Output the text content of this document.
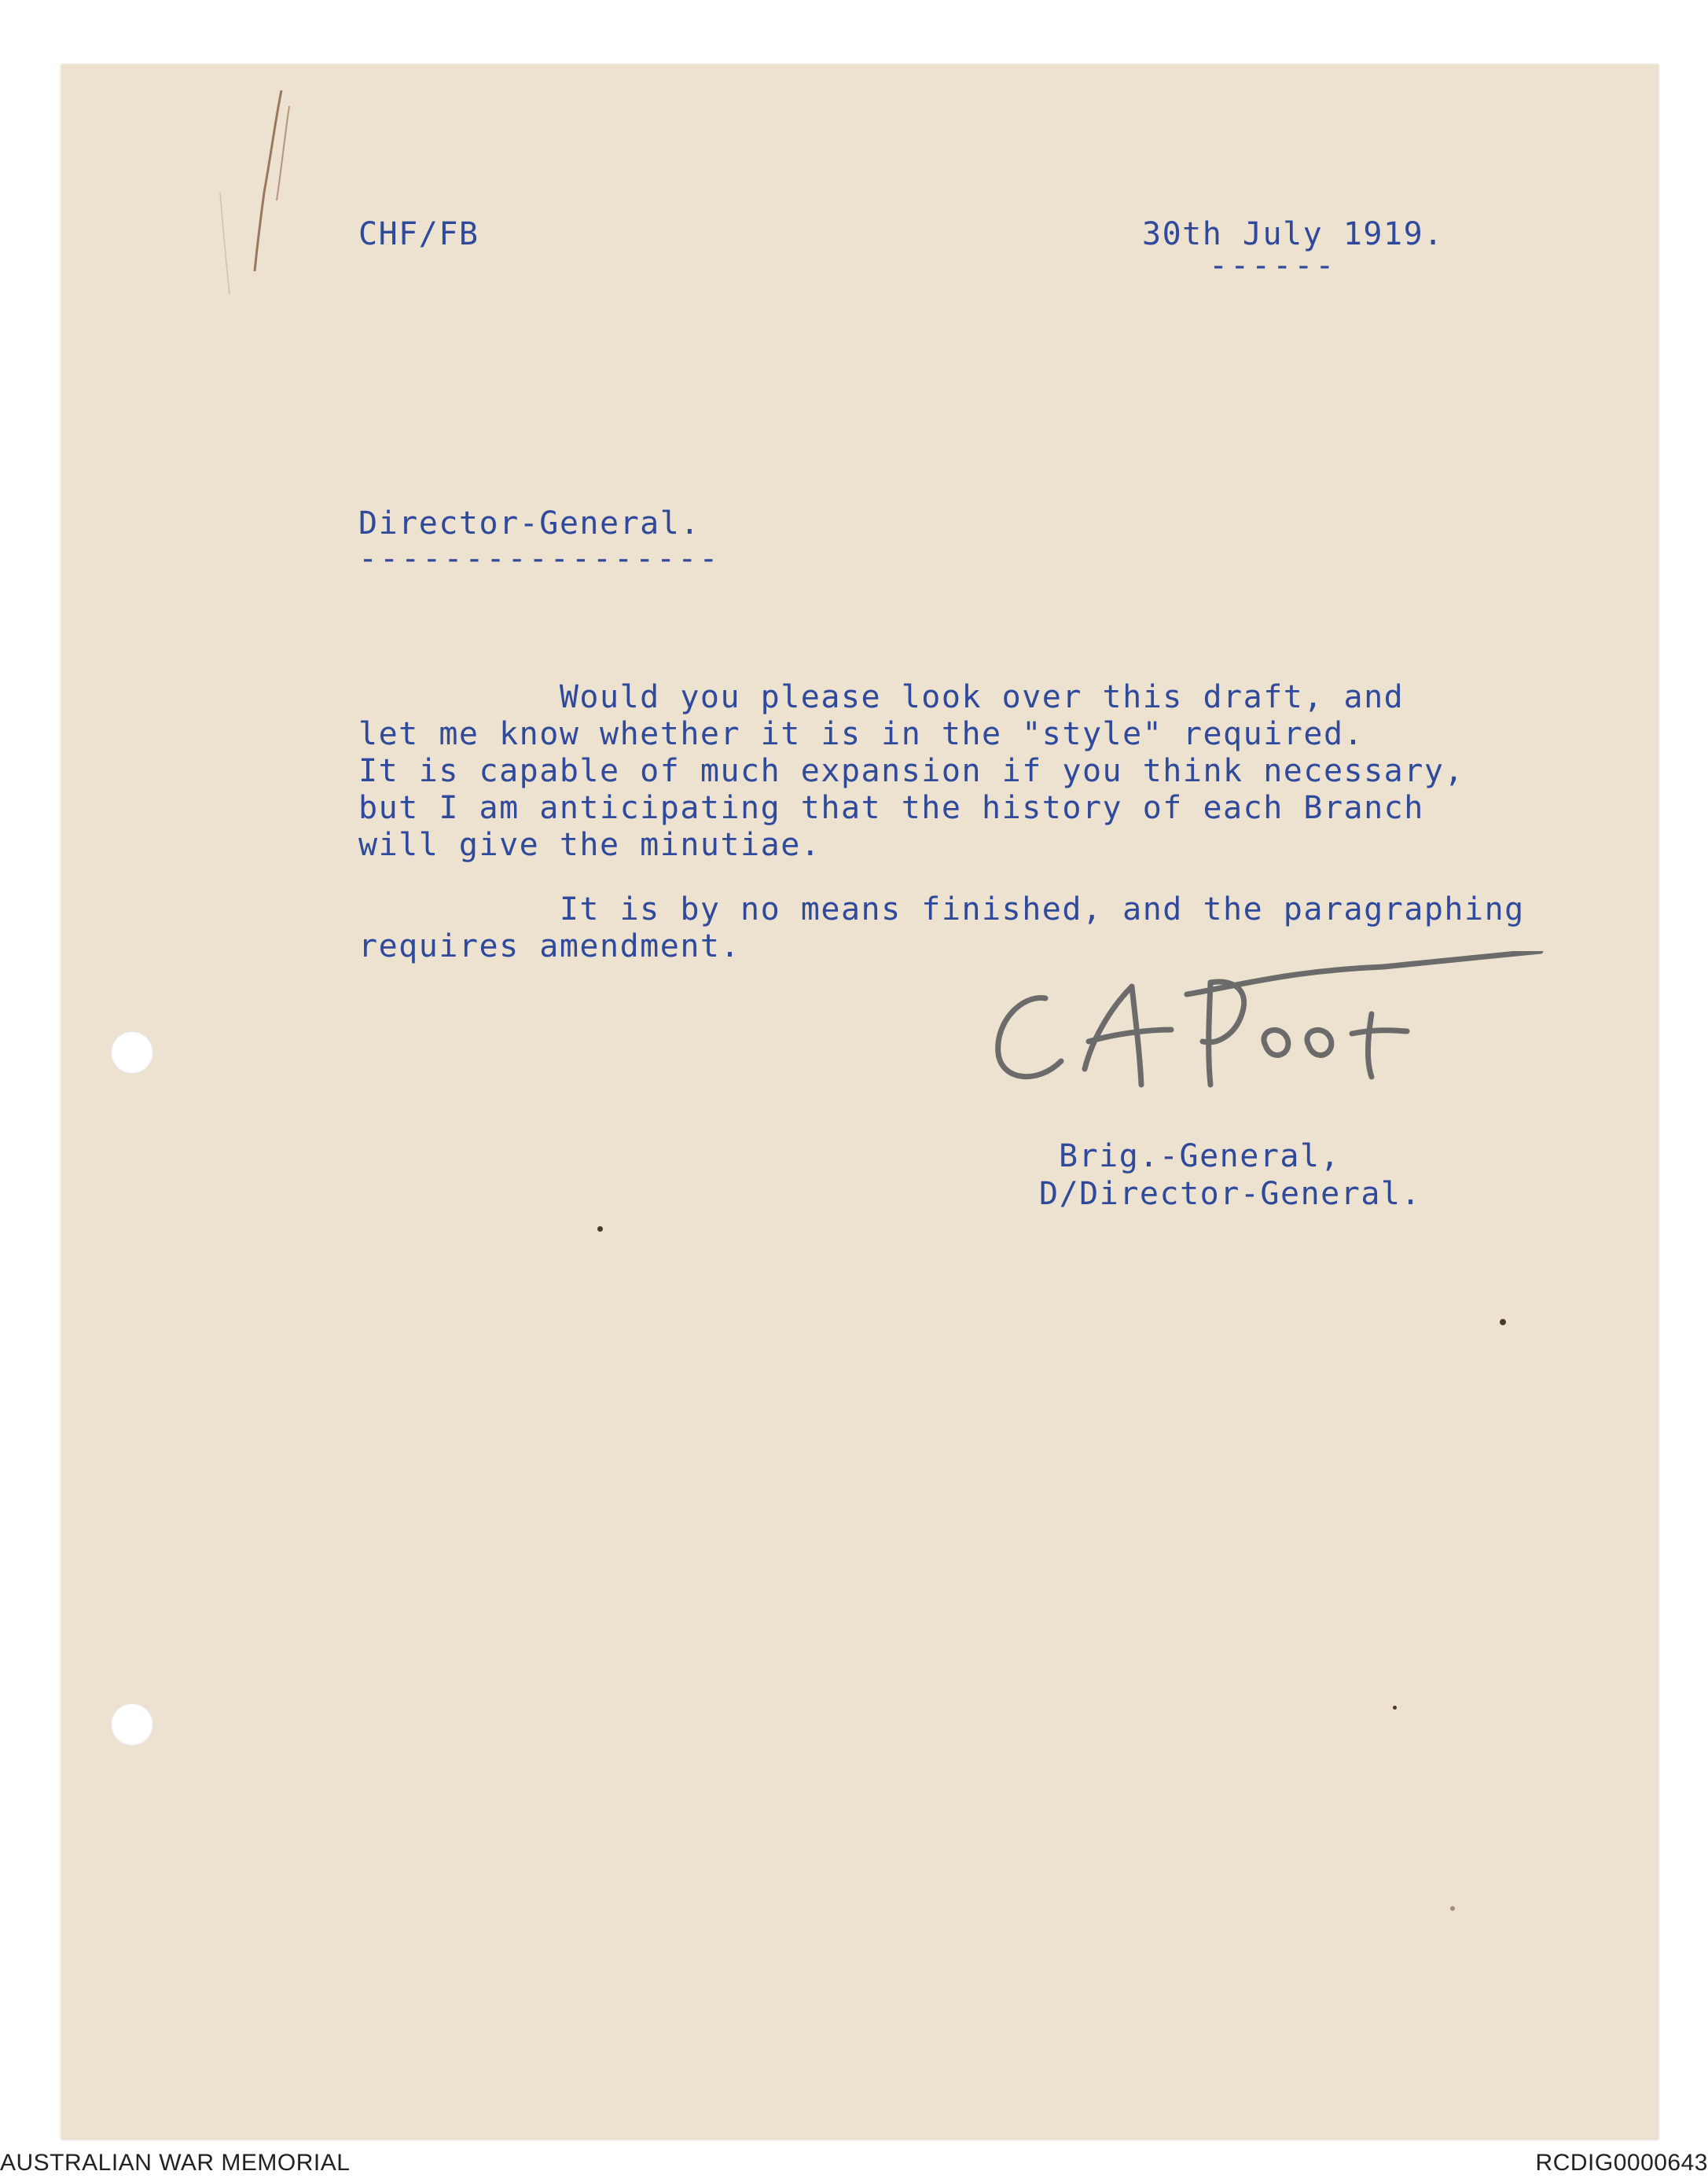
CHF/FB	30th July 1919.

------

Director-General.

-----------------

Would you please look over this draft, and
let me know whether it is in the "style" required.
It is capable of much expansion if you think necessary,
but I am anticipating that the history of each Branch
will give the minutiae.

It is by no means finished, and the paragraphing
requires amendment.

Brig.-General,

D/Director-General.

AUSTRALIAN WAR MEMORIAL	RCDIG0000643
